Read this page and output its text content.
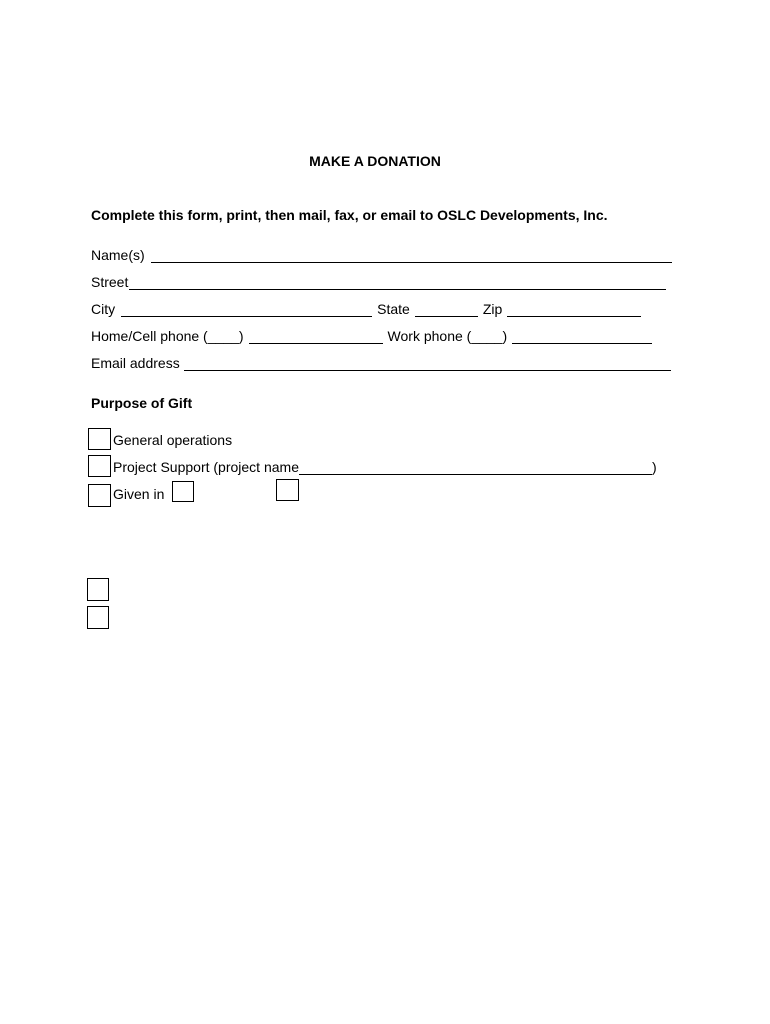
MAKE A DONATION
Complete this form, print, then mail, fax, or email to OSLC Developments, Inc.
Name(s)
Street
City	State	Zip
Home/Cell phone (____)	Work phone (____)
Email address
Purpose of Gift
General operations
Project Support (project name	)
Given in
